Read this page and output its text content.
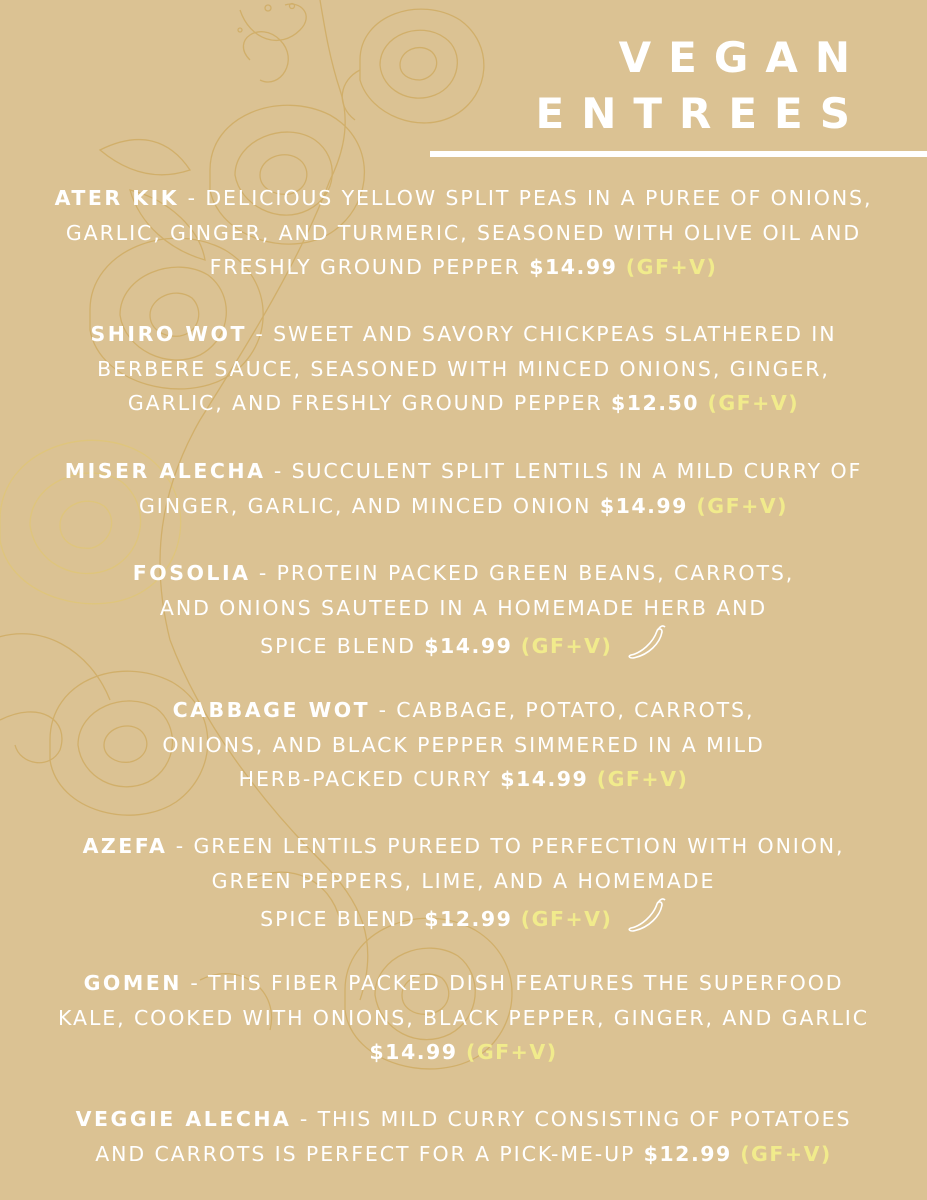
VEGAN
ENTREES
ATER KIK - DELICIOUS YELLOW SPLIT PEAS IN A PUREE OF ONIONS,
GARLIC, GINGER, AND TURMERIC, SEASONED WITH OLIVE OIL AND
FRESHLY GROUND PEPPER $14.99 (GF+V)
SHIRO WOT - SWEET AND SAVORY CHICKPEAS SLATHERED IN
BERBERE SAUCE, SEASONED WITH MINCED ONIONS, GINGER,
GARLIC, AND FRESHLY GROUND PEPPER $12.50 (GF+V)
MISER ALECHA - SUCCULENT SPLIT LENTILS IN A MILD CURRY OF
GINGER, GARLIC, AND MINCED ONION $14.99 (GF+V)
FOSOLIA - PROTEIN PACKED GREEN BEANS, CARROTS,
AND ONIONS SAUTEED IN A HOMEMADE HERB AND
SPICE BLEND $14.99 (GF+V)
CABBAGE WOT - CABBAGE, POTATO, CARROTS,
ONIONS, AND BLACK PEPPER SIMMERED IN A MILD
HERB-PACKED CURRY $14.99 (GF+V)
AZEFA - GREEN LENTILS PUREED TO PERFECTION WITH ONION,
GREEN PEPPERS, LIME, AND A HOMEMADE
SPICE BLEND $12.99 (GF+V)
GOMEN - THIS FIBER PACKED DISH FEATURES THE SUPERFOOD
KALE, COOKED WITH ONIONS, BLACK PEPPER, GINGER, AND GARLIC
$14.99 (GF+V)
VEGGIE ALECHA - THIS MILD CURRY CONSISTING OF POTATOES
AND CARROTS IS PERFECT FOR A PICK-ME-UP $12.99 (GF+V)
